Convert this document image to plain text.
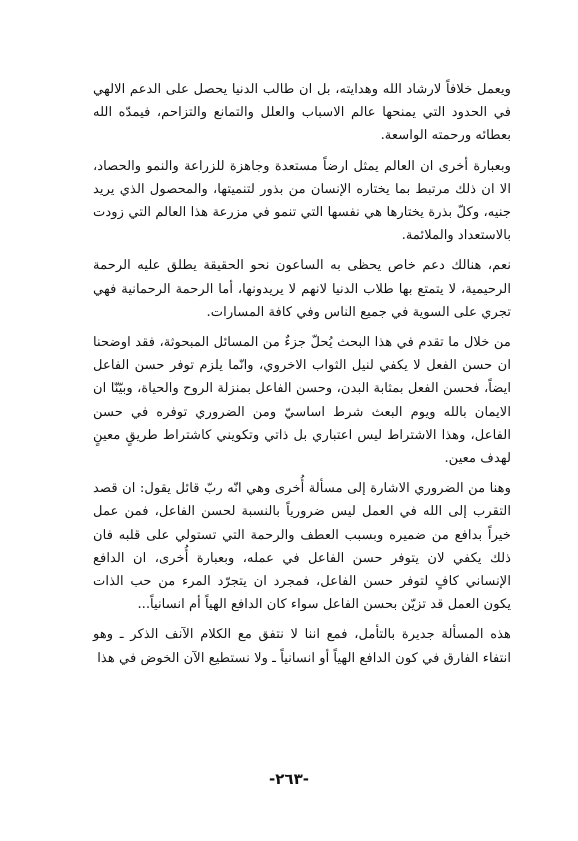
ويعمل خلافاً لارشاد الله وهدايته، بل ان طالب الدنيا يحصل على الدعم الالهي في الحدود التي يمنحها عالم الاسباب والعلل والتمانع والتزاحم، فيمدّه الله بعطائه ورحمته الواسعة.

وبعبارة أخرى ان العالم يمثل ارضاً مستعدة وجاهزة للزراعة والنمو والحصاد، الا ان ذلك مرتبط بما يختاره الإنسان من بذور لتنميتها، والمحصول الذي يريد جنيه، وكلّ بذرة يختارها هي نفسها التي تنمو في مزرعة هذا العالم التي زودت بالاستعداد والملائمة.

نعم، هنالك دعم خاص يحظى به الساعون نحو الحقيقة يطلق عليه الرحمة الرحيمية، لا يتمتع بها طلاب الدنيا لانهم لا يريدونها، أما الرحمة الرحمانية فهي تجري على السوية في جميع الناس وفي كافة المسارات.

من خلال ما تقدم في هذا البحث يُحلّ جزءٌ من المسائل المبحوثة، فقد اوضحنا ان حسن الفعل لا يكفي لنيل الثواب الاخروي، وانّما يلزم توفر حسن الفاعل ايضاً، فحسن الفعل بمثابة البدن، وحسن الفاعل بمنزلة الروح والحياة، وبيّنّا ان الايمان بالله ويوم البعث شرط اساسيّ ومن الضروري توفره في حسن الفاعل، وهذا الاشتراط ليس اعتباري بل ذاتي وتكويني كاشتراط طريقٍ معينٍ لهدف معين.

وهنا من الضروري الاشارة إلى مسألة أُخرى وهي انّه ربّ قائل يقول: ان قصد التقرب إلى الله في العمل ليس ضرورياً بالنسبة لحسن الفاعل، فمن عمل خيراً بدافع من ضميره وبسبب العطف والرحمة التي تستولي على قلبه فان ذلك يكفي لان يتوفر حسن الفاعل في عمله، وبعبارة أُخرى، ان الدافع الإنساني كافٍ لتوفر حسن الفاعل، فمجرد ان يتجرّد المرء من حب الذات يكون العمل قد تزيّن بحسن الفاعل سواء كان الدافع الهياً أم انسانياً...

هذه المسألة جديرة بالتأمل، فمع اننا لا نتفق مع الكلام الآنف الذكر ـ وهو انتفاء الفارق في كون الدافع الهياً أو انسانياً ـ ولا نستطيع الآن الخوض في هذا

-٢٦٣-
